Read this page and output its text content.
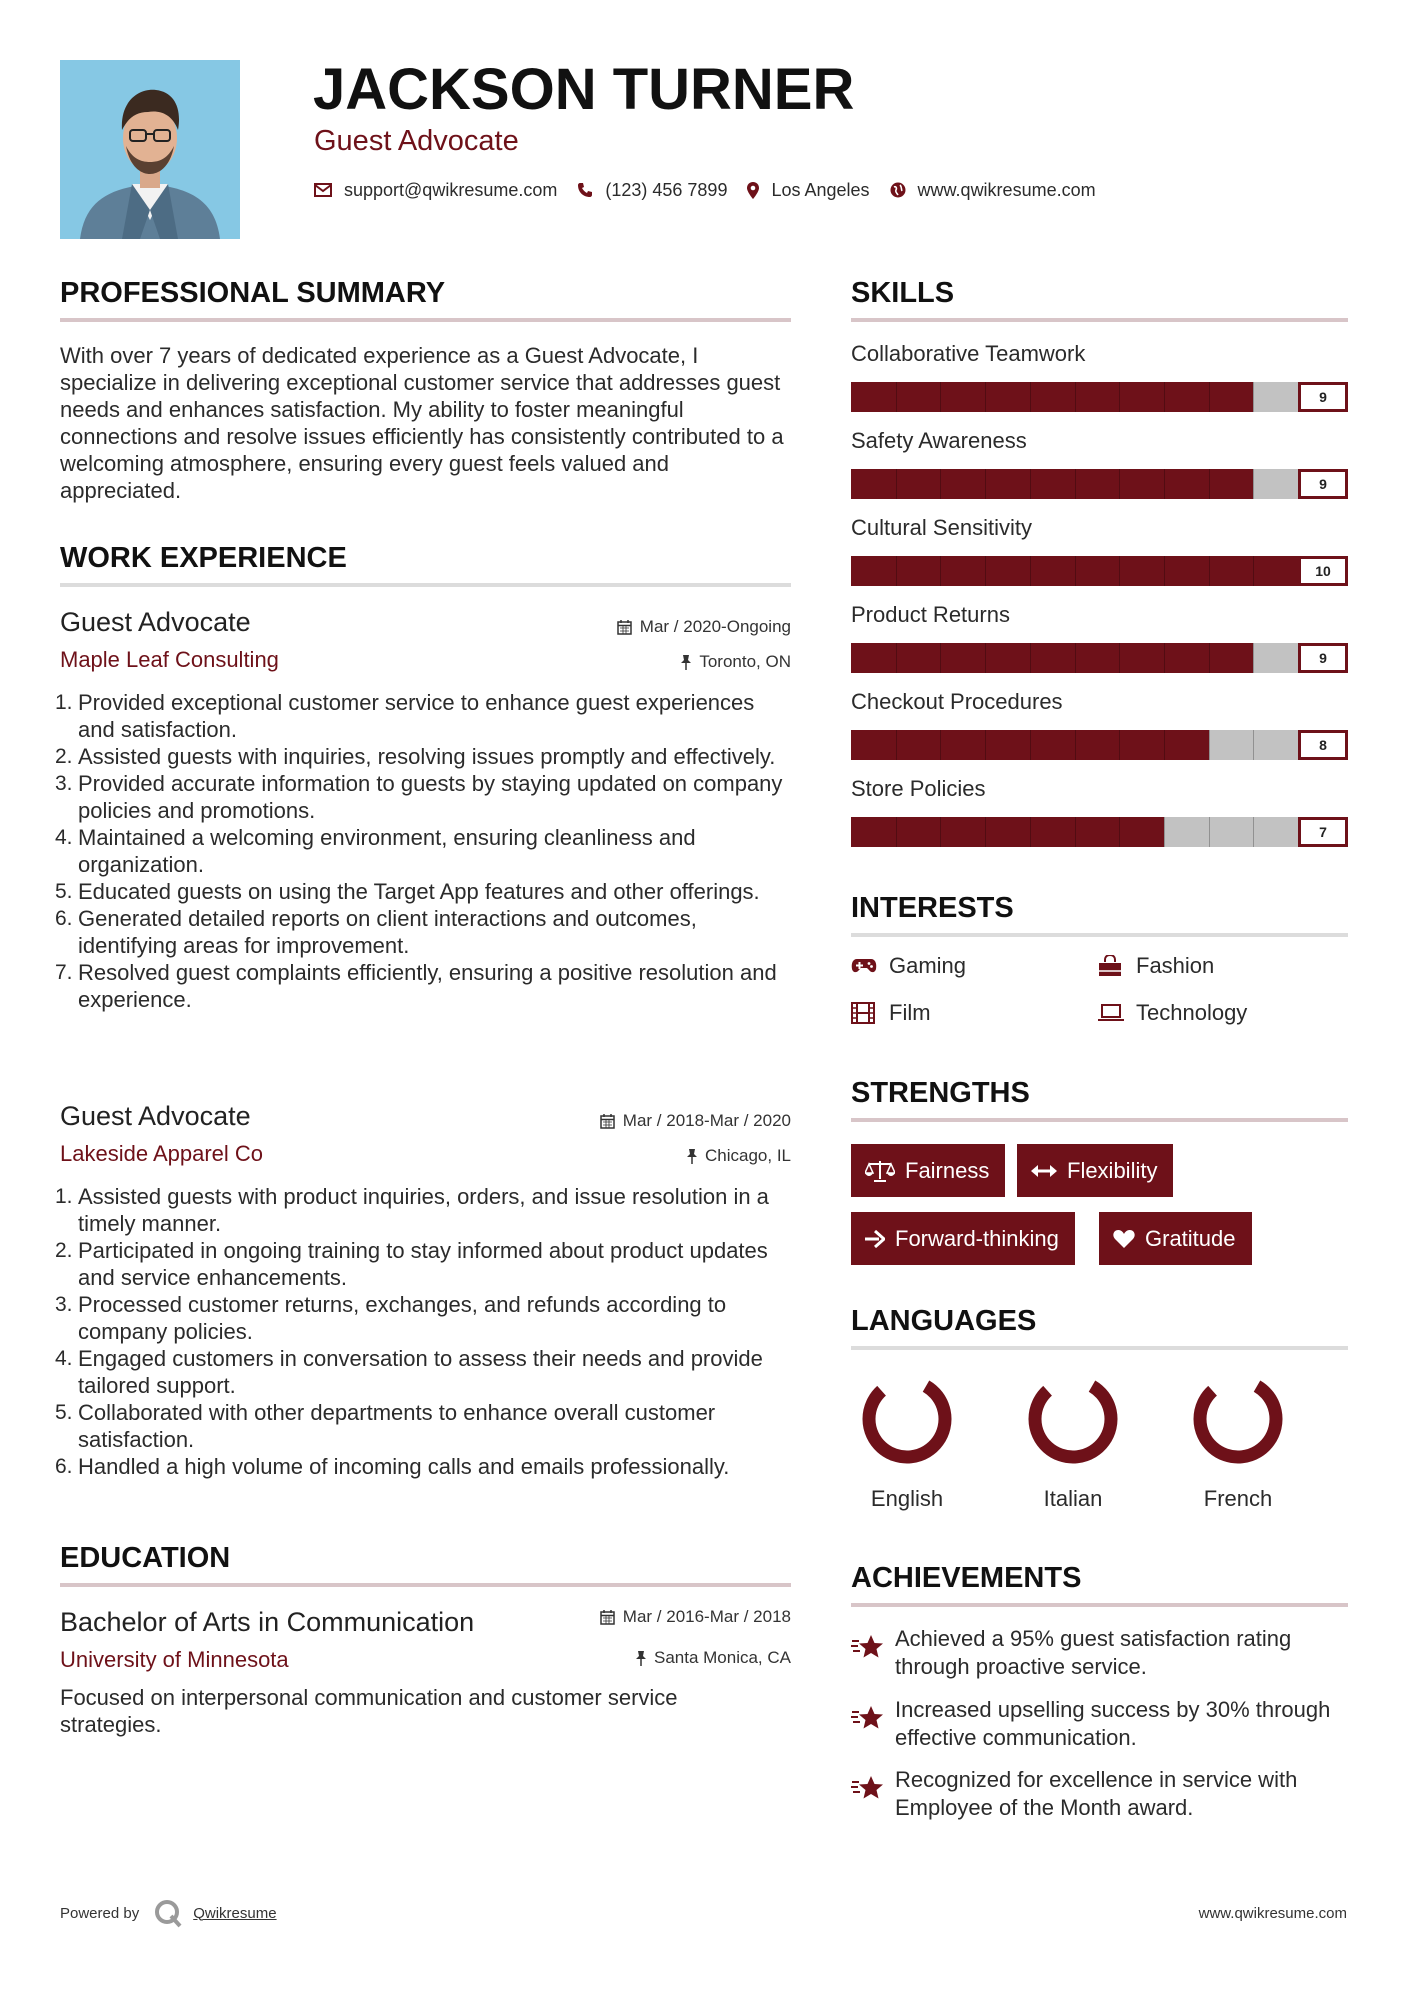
JACKSON TURNER
Guest Advocate
support@qwikresume.com	(123) 456 7899 Los Angeles	www.qwikresume.com
PROFESSIONAL SUMMARY
With over 7 years of dedicated experience as a Guest Advocate, I specialize in delivering exceptional customer service that addresses guest needs and enhances satisfaction. My ability to foster meaningful connections and resolve issues efficiently has consistently contributed to a welcoming atmosphere, ensuring every guest feels valued and appreciated.
WORK EXPERIENCE
Guest Advocate	Mar / 2020-Ongoing
Maple Leaf Consulting	Toronto, ON
1. Provided exceptional customer service to enhance guest experiences and satisfaction.
2. Assisted guests with inquiries, resolving issues promptly and effectively.
3. Provided accurate information to guests by staying updated on company policies and promotions.
4. Maintained a welcoming environment, ensuring cleanliness and organization.
5. Educated guests on using the Target App features and other offerings.
6. Generated detailed reports on client interactions and outcomes, identifying areas for improvement.
7. Resolved guest complaints efficiently, ensuring a positive resolution and experience.
Guest Advocate	Mar / 2018-Mar / 2020
Lakeside Apparel Co	Chicago, IL
1. Assisted guests with product inquiries, orders, and issue resolution in a timely manner.
2. Participated in ongoing training to stay informed about product updates and service enhancements.
3. Processed customer returns, exchanges, and refunds according to company policies.
4. Engaged customers in conversation to assess their needs and provide tailored support.
5. Collaborated with other departments to enhance overall customer satisfaction.
6. Handled a high volume of incoming calls and emails professionally.
EDUCATION
Bachelor of Arts in Communication	Mar / 2016-Mar / 2018
University of Minnesota	Santa Monica, CA
Focused on interpersonal communication and customer service strategies.
SKILLS
Collaborative Teamwork
9
Safety Awareness
9
Cultural Sensitivity
10
Product Returns
9
Checkout Procedures
8
Store Policies
7
INTERESTS
Gaming	Fashion
Film	Technology
STRENGTHS
Fairness	Flexibility
Forward-thinking	Gratitude
LANGUAGES
English	Italian	French
ACHIEVEMENTS
Achieved a 95% guest satisfaction rating through proactive service.
Increased upselling success by 30% through effective communication.
Recognized for excellence in service with Employee of the Month award.
Powered by	Qwikresume	www.qwikresume.com
